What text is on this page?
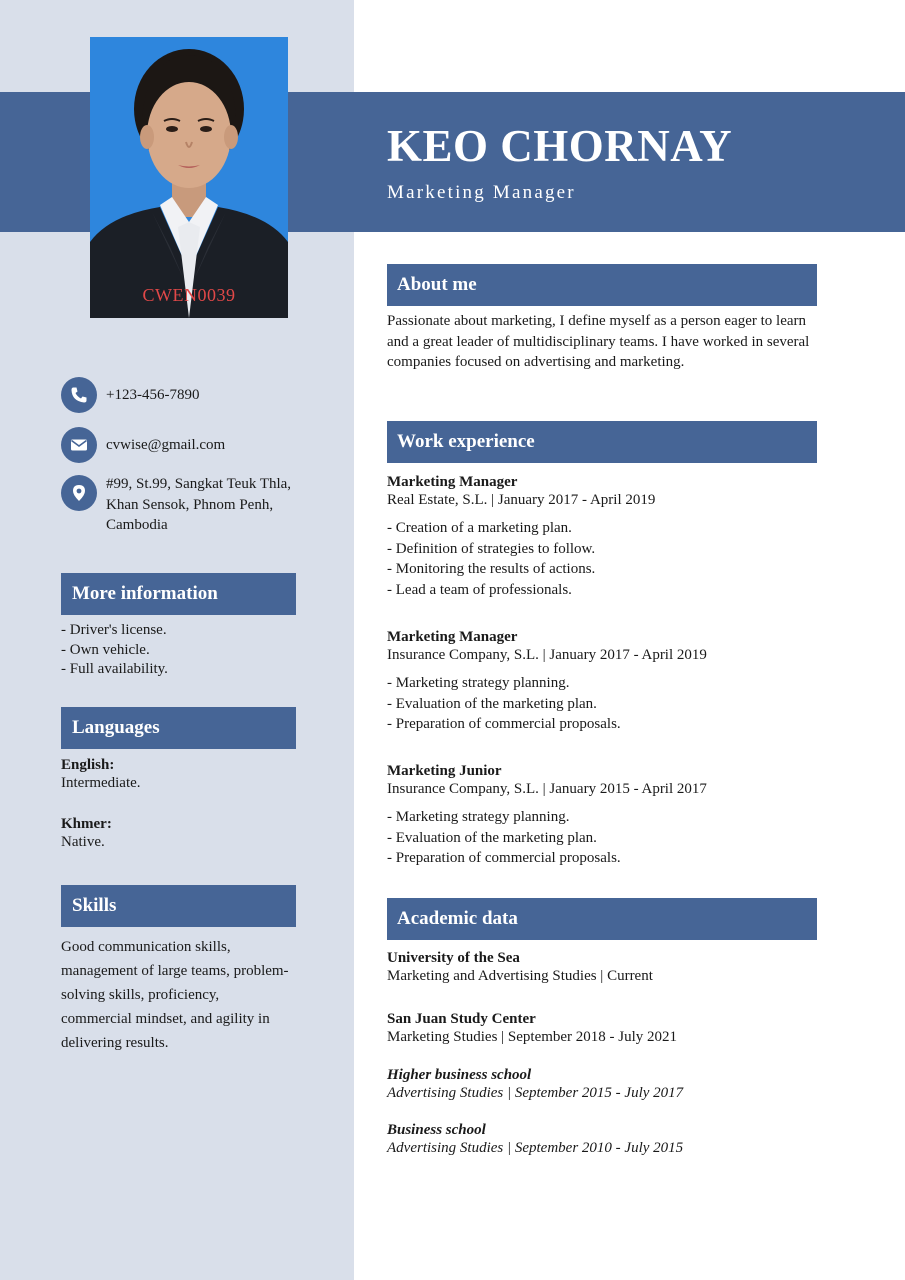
KEO CHORNAY
Marketing Manager
CWEN0039
+123-456-7890
cvwise@gmail.com
#99, St.99, Sangkat Teuk Thla,
Khan Sensok, Phnom Penh,
Cambodia
More information
- Driver's license.
- Own vehicle.
- Full availability.
Languages
English:
Intermediate.
Khmer:
Native.
Skills
Good communication skills,
management of large teams, problem-
solving skills, proficiency,
commercial mindset, and agility in
delivering results.
About me
Passionate about marketing, I define myself as a person eager to learn
and a great leader of multidisciplinary teams. I have worked in several
companies focused on advertising and marketing.
Work experience
Marketing Manager
Real Estate, S.L. | January 2017 - April 2019
- Creation of a marketing plan.
- Definition of strategies to follow.
- Monitoring the results of actions.
- Lead a team of professionals.
Marketing Manager
Insurance Company, S.L. | January 2017 - April 2019
- Marketing strategy planning.
- Evaluation of the marketing plan.
- Preparation of commercial proposals.
Marketing Junior
Insurance Company, S.L. | January 2015 - April 2017
- Marketing strategy planning.
- Evaluation of the marketing plan.
- Preparation of commercial proposals.
Academic data
University of the Sea
Marketing and Advertising Studies | Current
San Juan Study Center
Marketing Studies | September 2018 - July 2021
Higher business school
Advertising Studies | September 2015 - July 2017
Business school
Advertising Studies | September 2010 - July 2015
